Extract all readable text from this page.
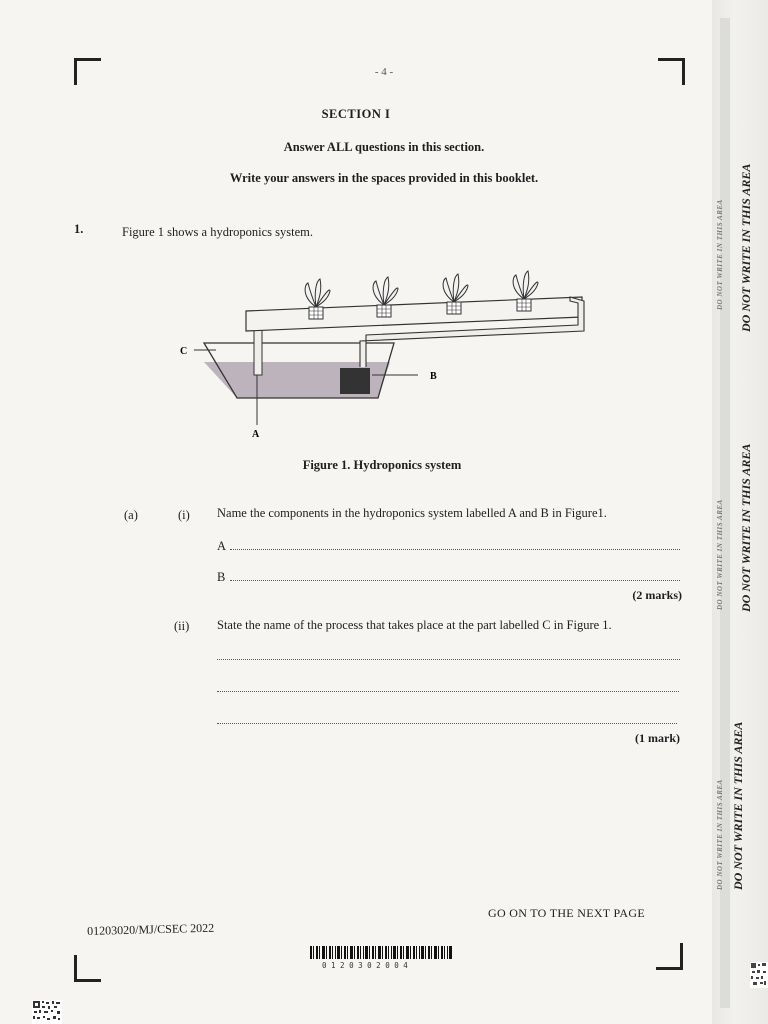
- 4 -
SECTION I
Answer ALL questions in this section.
Write your answers in the spaces provided in this booklet.
1.	Figure 1 shows a hydroponics system.
C
B
A
Figure 1. Hydroponics system
(a)	(i) Name the components in the hydroponics system labelled A and B in Figure1.
A
B
(2 marks)
(ii) State the name of the process that takes place at the part labelled C in Figure 1.
(1 mark)
GO ON TO THE NEXT PAGE
01203020/MJ/CSEC 2022
0 1 2 0 3 0 2 0 0 4
DO NOT WRITE IN THIS AREA
DO NOT WRITE IN THIS AREA
DO NOT WRITE IN THIS AREA
DO NOT WRITE IN THIS AREA
DO NOT WRITE IN THIS AREA
DO NOT WRITE IN THIS AREA
